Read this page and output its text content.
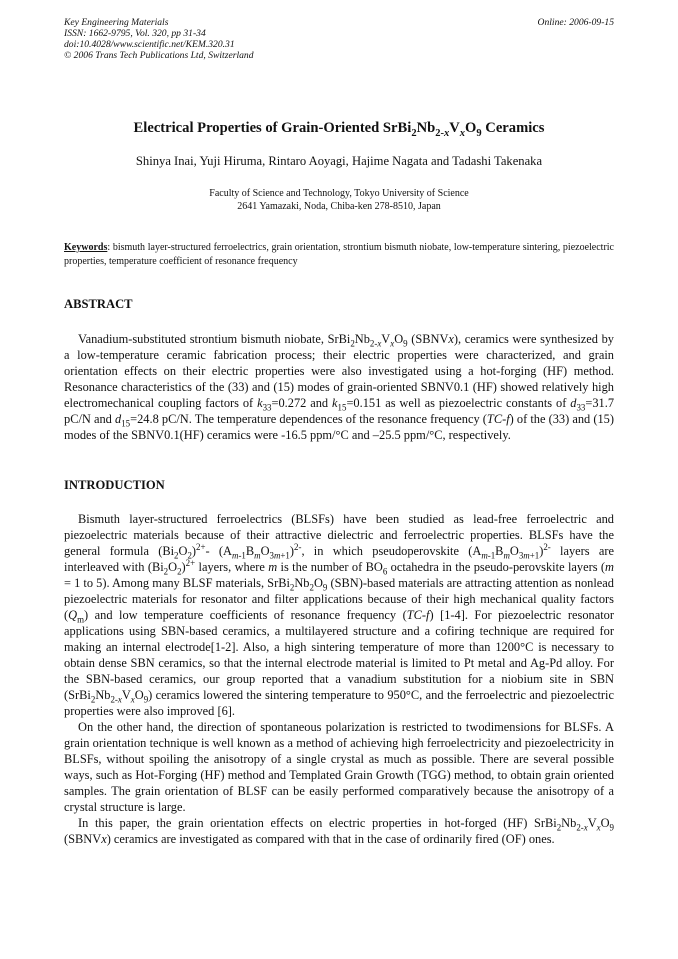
Key Engineering Materials
ISSN: 1662-9795, Vol. 320, pp 31-34
doi:10.4028/www.scientific.net/KEM.320.31
© 2006 Trans Tech Publications Ltd, Switzerland
Online: 2006-09-15
Electrical Properties of Grain-Oriented $SrBi_2Nb_{2-x}V_xO_9$ Ceramics
Shinya Inai, Yuji Hiruma, Rintaro Aoyagi, Hajime Nagata and Tadashi Takenaka
Faculty of Science and Technology, Tokyo University of Science
2641 Yamazaki, Noda, Chiba-ken 278-8510, Japan
Keywords: bismuth layer-structured ferroelectrics, grain orientation, strontium bismuth niobate, low-temperature sintering, piezoelectric properties, temperature coefficient of resonance frequency
ABSTRACT
Vanadium-substituted strontium bismuth niobate, $SrBi_2Nb_{2-x}V_xO_9$ (SBNVx), ceramics were synthesized by a low-temperature ceramic fabrication process; their electric properties were characterized, and grain orientation effects on their electric properties were also investigated using a hot-forging (HF) method. Resonance characteristics of the (33) and (15) modes of grain-oriented SBNV0.1 (HF) showed relatively high electromechanical coupling factors of $k_{33}=0.272$ and $k_{15}=0.151$ as well as piezoelectric constants of $d_{33}=31.7$ pC/N and $d_{15}=24.8$ pC/N. The temperature dependences of the resonance frequency (TC-f) of the (33) and (15) modes of the SBNV0.1(HF) ceramics were -16.5 ppm/°C and –25.5 ppm/°C, respectively.
INTRODUCTION

Bismuth layer-structured ferroelectrics (BLSFs) have been studied as lead-free ferroelectric and piezoelectric materials because of their attractive dielectric and ferroelectric properties. BLSFs have the general formula $(Bi_2O_2)^{2+}-$ $(A_{m-1}B_mO_{3m+1})^{2-}$, in which pseudoperovskite $(A_{m-1}B_mO_{3m+1})^{2-}$ layers are interleaved with $(Bi_2O_2)^{2+}$ layers, where m is the number of $BO_6$ octahedra in the pseudo-perovskite layers (m = 1 to 5). Among many BLSF materials, $SrBi_2Nb_2O_9$ (SBN)-based materials are attracting attention as nonlead piezoelectric materials for resonator and filter applications because of their high mechanical quality factors $(Q_m)$ and low temperature coefficients of resonance frequency (TC-f) [1-4]. For piezoelectric resonator applications using SBN-based ceramics, a multilayered structure and a cofiring technique are required for making an internal electrode[1-2]. Also, a high sintering temperature of more than 1200°C is necessary to obtain dense SBN ceramics, so that the internal electrode material is limited to Pt metal and Ag-Pd alloy. For the SBN-based ceramics, our group reported that a vanadium substitution for a niobium site in SBN $(SrBi_2Nb_{2-x}V_xO_9)$ ceramics lowered the sintering temperature to 950°C, and the ferroelectric and piezoelectric properties were also improved [6].

On the other hand, the direction of spontaneous polarization is restricted to twodimensions for BLSFs. A grain orientation technique is well known as a method of achieving high ferroelectricity and piezoelectricity in BLSFs, without spoiling the anisotropy of a single crystal as much as possible. There are several possible ways, such as Hot-Forging (HF) method and Templated Grain Growth (TGG) method, to obtain grain oriented samples. The grain orientation of BLSF can be easily performed comparatively because the anisotropy of a crystal structure is large.

In this paper, the grain orientation effects on electric properties in hot-forged (HF) $SrBi_2Nb_{2-x}V_xO_9$ (SBNVx) ceramics are investigated as compared with that in the case of ordinarily fired (OF) ones.
